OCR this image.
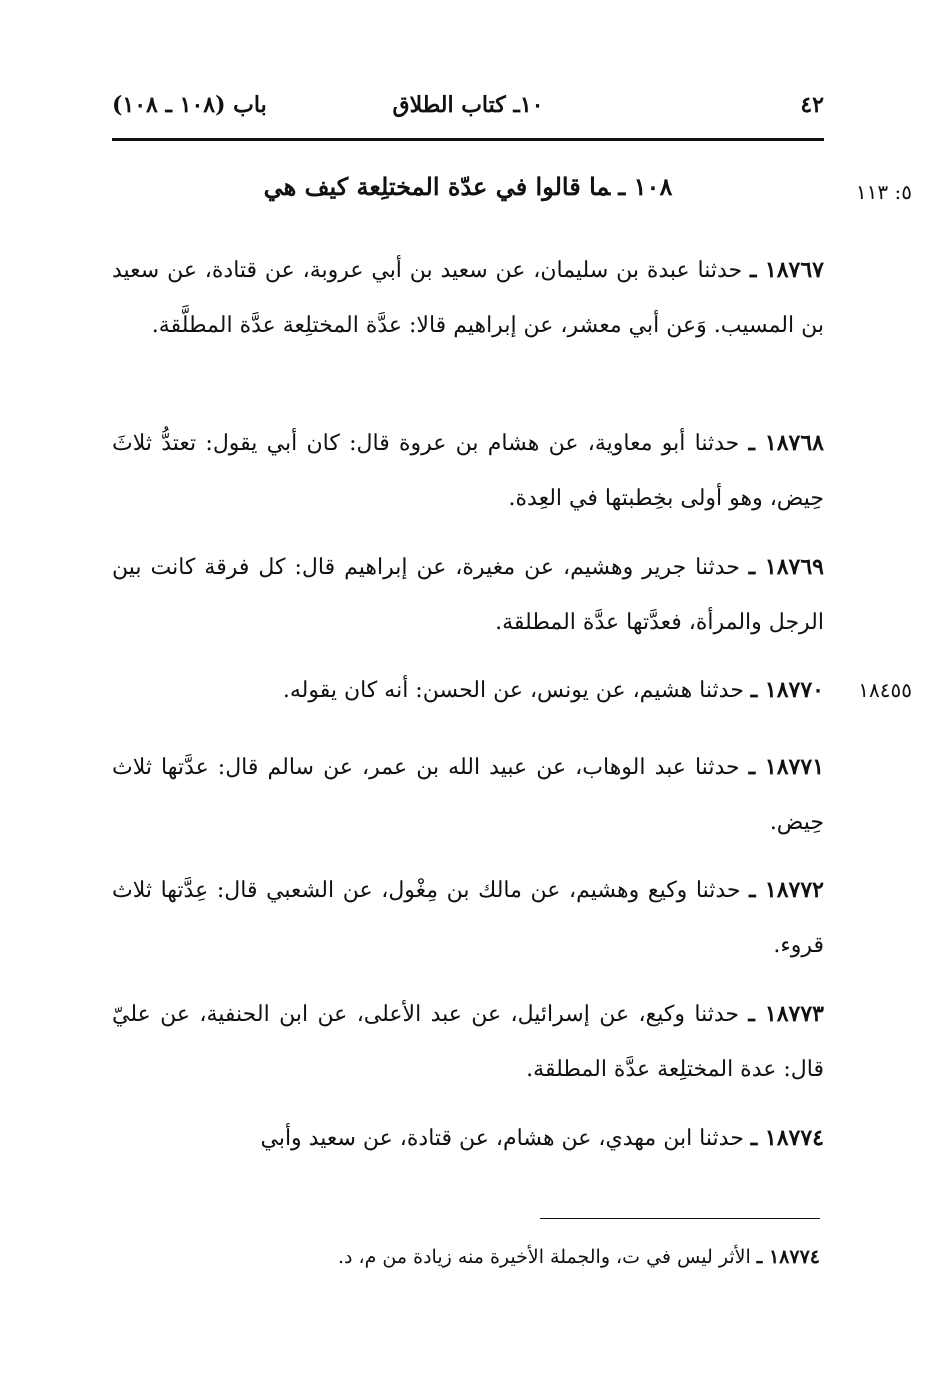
٤٢
١٠ـ كتاب الطلاق
باب (١٠٨ ـ ١٠٨)
٥: ١١٣
١٨٤٥٥
١٠٨ ـما قالوا في عدّة المختلِعة كيف هي
١٨٧٦٧ ـ حدثنا عبدة بن سليمان، عن سعيد بن أبي عروبة، عن قتادة، عن سعيد بن المسيب. وَعن أبي معشر، عن إبراهيم قالا: عدَّة المختلِعة عدَّة المطلَّقة.
١٨٧٦٨ ـ حدثنا أبو معاوية، عن هشام بن عروة قال: كان أبي يقول: تعتدُّ ثلاثَ حِيض، وهو أولى بخِطبتها في العِدة.
١٨٧٦٩ ـ حدثنا جرير وهشيم، عن مغيرة، عن إبراهيم قال: كل فرقة كانت بين الرجل والمرأة، فعدَّتها عدَّة المطلقة.
١٨٧٧٠ ـ حدثنا هشيم، عن يونس، عن الحسن: أنه كان يقوله.
١٨٧٧١ ـ حدثنا عبد الوهاب، عن عبيد الله بن عمر، عن سالم قال: عدَّتها ثلاث حِيض.
١٨٧٧٢ ـ حدثنا وكيع وهشيم، عن مالك بن مِغْول، عن الشعبي قال: عِدَّتها ثلاث قروء.
١٨٧٧٣ ـ حدثنا وكيع، عن إسرائيل، عن عبد الأعلى، عن ابن الحنفية، عن عليّ قال: عدة المختلِعة عدَّة المطلقة.
١٨٧٧٤ ـ حدثنا ابن مهدي، عن هشام، عن قتادة، عن سعيد وأبي
١٨٧٧٤ ـ الأثر ليس في ت، والجملة الأخيرة منه زيادة من م، د.
